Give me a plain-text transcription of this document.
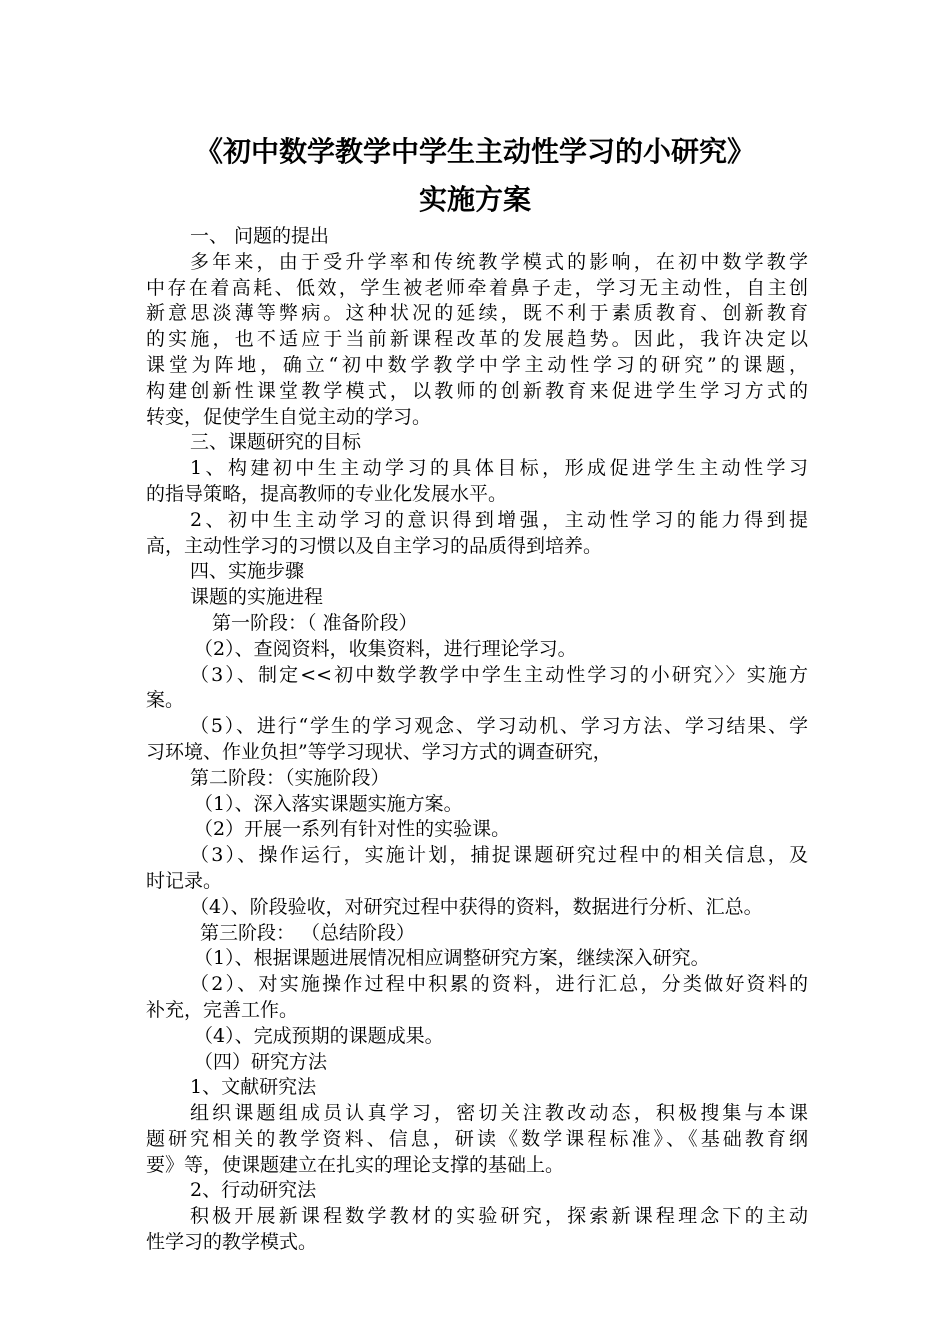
《初中数学教学中学生主动性学习的小研究》
实施方案
一、 问题的提出
多年来，由于受升学率和传统教学模式的影响，在初中数学教学
中存在着高耗、低效，学生被老师牵着鼻子走，学习无主动性，自主创
新意思淡薄等弊病。这种状况的延续，既不利于素质教育、创新教育
的实施，也不适应于当前新课程改革的发展趋势。因此，我许决定以
课堂为阵地，确立“初中数学教学中学主动性学习的研究”的课题，
构建创新性课堂教学模式，以教师的创新教育来促进学生学习方式的
转变，促使学生自觉主动的学习。
三、课题研究的目标
1、构建初中生主动学习的具体目标，形成促进学生主动性学习
的指导策略，提高教师的专业化发展水平。
2、初中生主动学习的意识得到增强，主动性学习的能力得到提
高，主动性学习的习惯以及自主学习的品质得到培养。
四、实施步骤
课题的实施进程
第一阶段：（ 准备阶段）
（2）、查阅资料，收集资料，进行理论学习。
（3）、制定<<初中数学教学中学生主动性学习的小研究〉〉实施方
案。
（5）、进行“学生的学习观念、学习动机、学习方法、学习结果、学
习环境、作业负担”等学习现状、学习方式的调查研究，
第二阶段：（实施阶段）
（1）、深入落实课题实施方案。
（2）开展一系列有针对性的实验课。
（3）、操作运行，实施计划，捕捉课题研究过程中的相关信息，及
时记录。
（4）、阶段验收，对研究过程中获得的资料，数据进行分析、汇总。
第三阶段： （总结阶段）
（1）、根据课题进展情况相应调整研究方案，继续深入研究。
（2）、对实施操作过程中积累的资料，进行汇总，分类做好资料的
补充，完善工作。
（4）、完成预期的课题成果。
（四）研究方法
1、文献研究法
组织课题组成员认真学习，密切关注教改动态，积极搜集与本课
题研究相关的教学资料、信息，研读《数学课程标准》、《基础教育纲
要》等，使课题建立在扎实的理论支撑的基础上。
2、行动研究法
积极开展新课程数学教材的实验研究，探索新课程理念下的主动
性学习的教学模式。
